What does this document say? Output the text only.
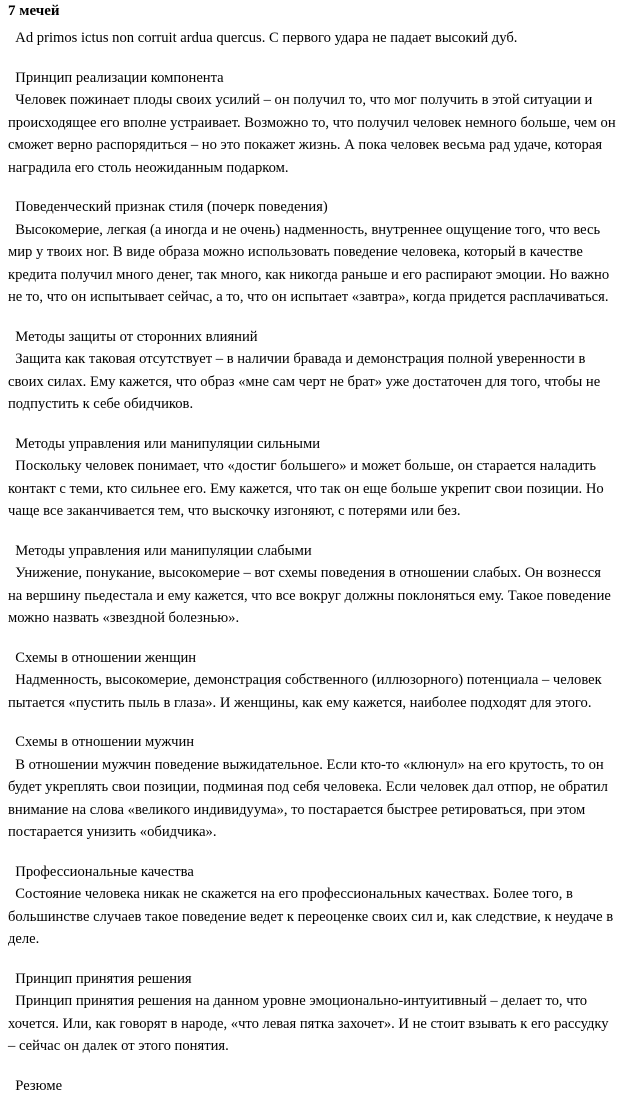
7 мечей
Ad primos ictus non corruit ardua quercus. С первого удара не падает высокий дуб.
Принцип реализации компонента
Человек пожинает плоды своих усилий – он получил то, что мог получить в этой ситуации и происходящее его вполне устраивает. Возможно то, что получил человек немного больше, чем он сможет верно распорядиться – но это покажет жизнь. А пока человек весьма рад удаче, которая наградила его столь неожиданным подарком.
Поведенческий признак стиля (почерк поведения)
Высокомерие, легкая (а иногда и не очень) надменность, внутреннее ощущение того, что весь мир у твоих ног. В виде образа можно использовать поведение человека, который в качестве кредита получил много денег, так много, как никогда раньше и его распирают эмоции. Но важно не то, что он испытывает сейчас, а то, что он испытает «завтра», когда придется расплачиваться.
Методы защиты от сторонних влияний
Защита как таковая отсутствует – в наличии бравада и демонстрация полной уверенности в своих силах. Ему кажется, что образ «мне сам черт не брат» уже достаточен для того, чтобы не подпустить к себе обидчиков.
Методы управления или манипуляции сильными
Поскольку человек понимает, что «достиг большего» и может больше, он старается наладить контакт с теми, кто сильнее его. Ему кажется, что так он еще больше укрепит свои позиции. Но чаще все заканчивается тем, что выскочку изгоняют, с потерями или без.
Методы управления или манипуляции слабыми
Унижение, понукание, высокомерие – вот схемы поведения в отношении слабых. Он вознесся на вершину пьедестала и ему кажется, что все вокруг должны поклоняться ему. Такое поведение можно назвать «звездной болезнью».
Схемы в отношении женщин
Надменность, высокомерие, демонстрация собственного (иллюзорного) потенциала – человек пытается «пустить пыль в глаза». И женщины, как ему кажется, наиболее подходят для этого.
Схемы в отношении мужчин
В отношении мужчин поведение выжидательное. Если кто-то «клюнул» на его крутость, то он будет укреплять свои позиции, подминая под себя человека. Если человек дал отпор, не обратил внимание на слова «великого индивидуума», то постарается быстрее ретироваться, при этом постарается унизить «обидчика».
Профессиональные качества
Состояние человека никак не скажется на его профессиональных качествах. Более того, в большинстве случаев такое поведение ведет к переоценке своих сил и, как следствие, к неудаче в деле.
Принцип принятия решения
Принцип принятия решения на данном уровне эмоционально-интуитивный – делает то, что хочется. Или, как говорят в народе, «что левая пятка захочет». И не стоит взывать к его рассудку – сейчас он далек от этого понятия.
Резюме
